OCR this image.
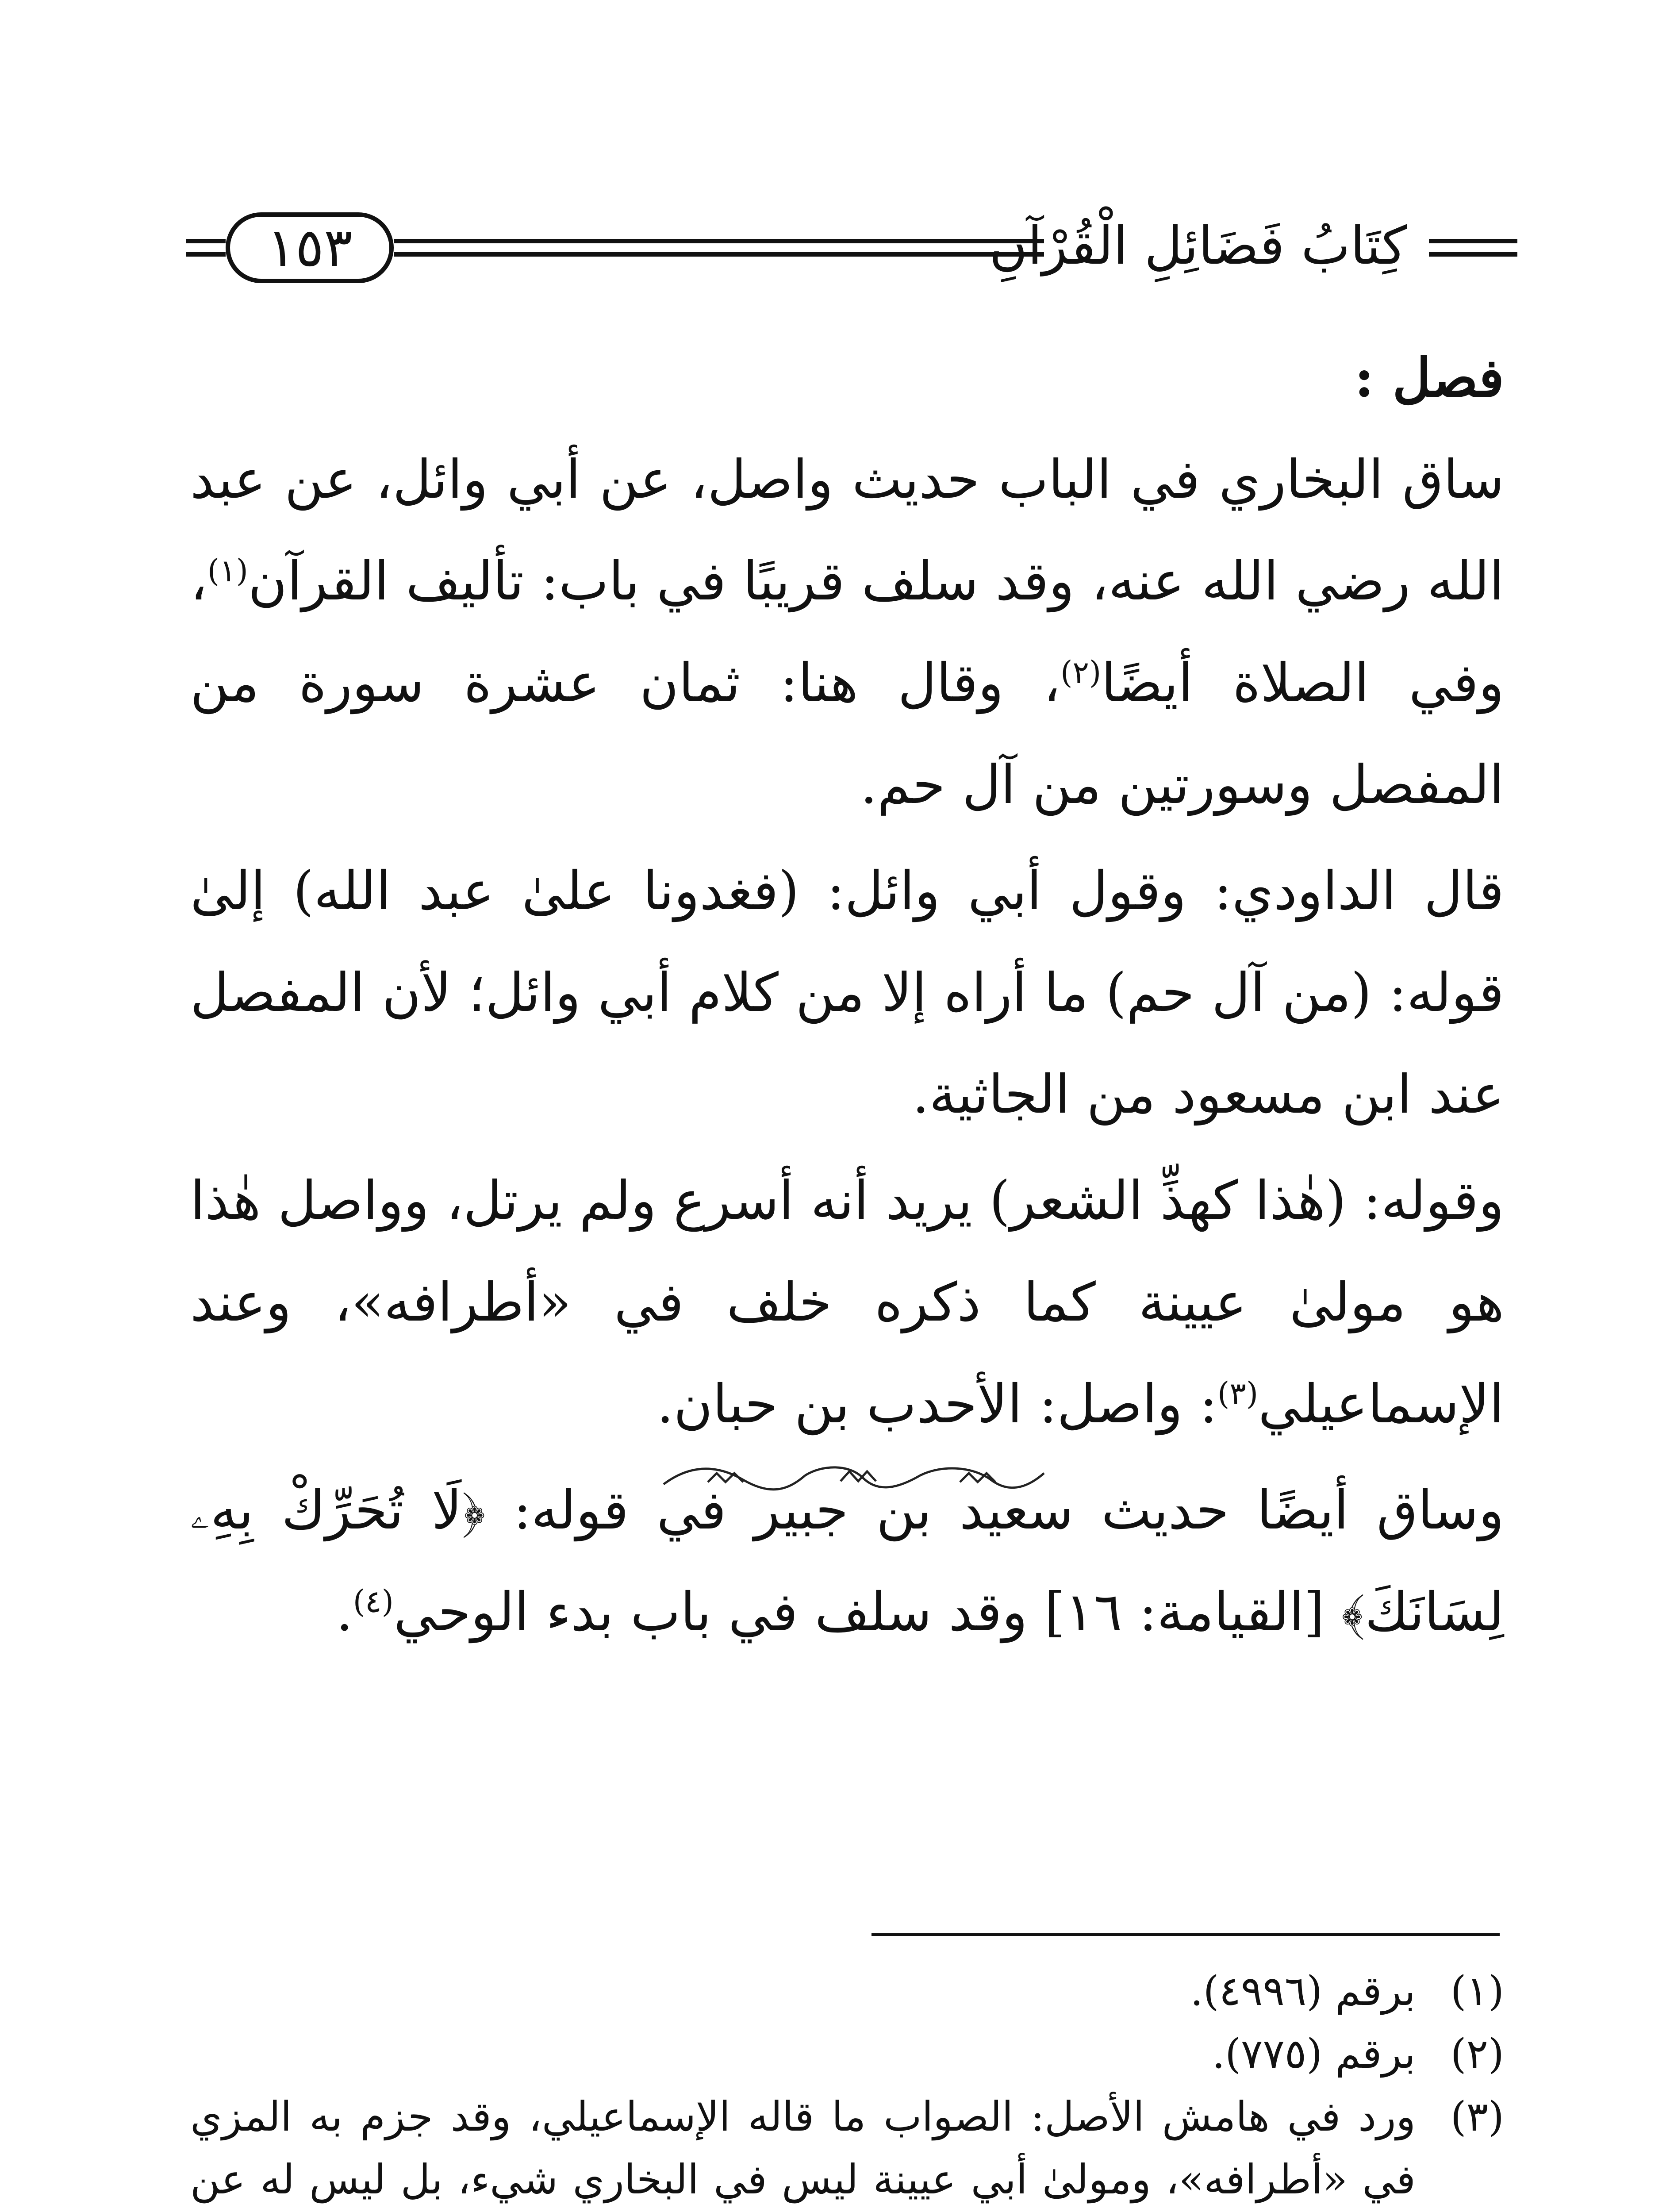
١٥٣	كِتَابُ فَضَائِلِ الْقُرْآنِ

فصل :

ساق البخاري في الباب حديث واصل، عن أبي وائل، عن عبد الله رضي الله عنه، وقد سلف قريبًا في باب: تأليف القرآن$^{(١)}$، وفي الصلاة أيضًا$^{(٢)}$، وقال هنا: ثمان عشرة سورة من المفصل وسورتين من آل حم.

قال الداودي: وقول أبي وائل: (فغدونا علىٰ عبد الله) إلىٰ قوله: (من آل حم) ما أراه إلا من كلام أبي وائل؛ لأن المفصل عند ابن مسعود من الجاثية.

وقوله: (هٰذا كهذِّ الشعر) يريد أنه أسرع ولم يرتل، وواصل هٰذا هو مولىٰ عيينة كما ذكره خلف في «أطرافه»، وعند الإسماعيلي$^{(٣)}$: واصل: الأحدب بن حبان.

وساق أيضًا حديث سعيد بن جبير في قوله: ﴿لَا تُحَرِّكْ بِهِۦ لِسَانَكَ﴾ [القيامة: ١٦] وقد سلف في باب بدء الوحي$^{(٤)}$.

(١)
برقم (٤٩٩٦).
(٢)
برقم (٧٧٥).
(٣)
ورد في هامش الأصل: الصواب ما قاله الإسماعيلي، وقد جزم به المزي في «أطرافه»، ومولىٰ أبي عيينة ليس في البخاري شيء، بل ليس له عن
